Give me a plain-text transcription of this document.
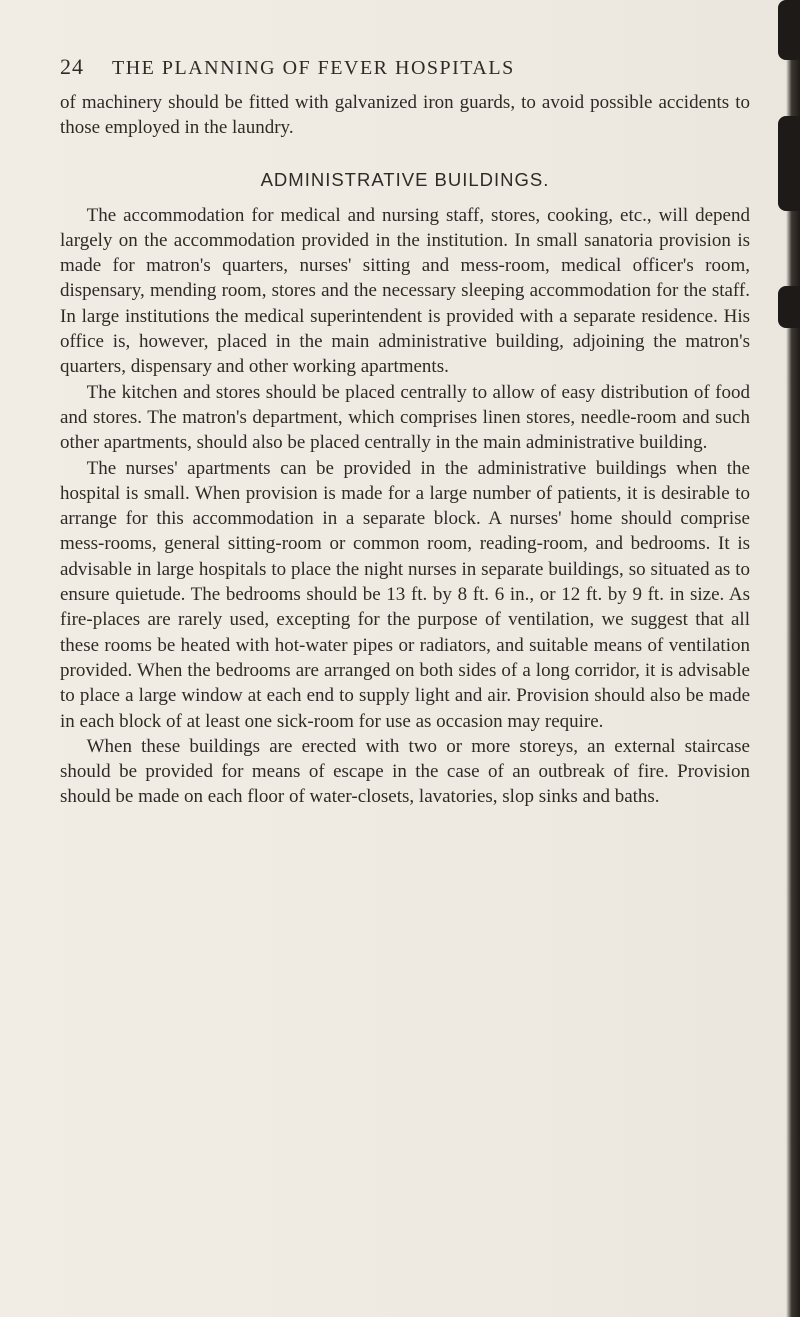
24	THE PLANNING OF FEVER HOSPITALS

of machinery should be fitted with galvanized iron guards, to avoid possible accidents to those employed in the laundry.

ADMINISTRATIVE BUILDINGS.

The accommodation for medical and nursing staff, stores, cooking, etc., will depend largely on the accommodation provided in the institution. In small sanatoria provision is made for matron's quarters, nurses' sitting and mess-room, medical officer's room, dispensary, mending room, stores and the necessary sleeping accommodation for the staff. In large institutions the medical superintendent is provided with a separate residence. His office is, however, placed in the main administrative building, adjoining the matron's quarters, dispensary and other working apartments.

The kitchen and stores should be placed centrally to allow of easy distribution of food and stores. The matron's department, which comprises linen stores, needle-room and such other apartments, should also be placed centrally in the main administrative building.

The nurses' apartments can be provided in the administrative buildings when the hospital is small. When provision is made for a large number of patients, it is desirable to arrange for this accommodation in a separate block. A nurses' home should comprise mess-rooms, general sitting-room or common room, reading-room, and bedrooms. It is advisable in large hospitals to place the night nurses in separate buildings, so situated as to ensure quietude. The bedrooms should be 13 ft. by 8 ft. 6 in., or 12 ft. by 9 ft. in size. As fire-places are rarely used, excepting for the purpose of ventilation, we suggest that all these rooms be heated with hot-water pipes or radiators, and suitable means of ventilation provided. When the bedrooms are arranged on both sides of a long corridor, it is advisable to place a large window at each end to supply light and air. Provision should also be made in each block of at least one sick-room for use as occasion may require.

When these buildings are erected with two or more storeys, an external staircase should be provided for means of escape in the case of an outbreak of fire. Provision should be made on each floor of water-closets, lavatories, slop sinks and baths.
